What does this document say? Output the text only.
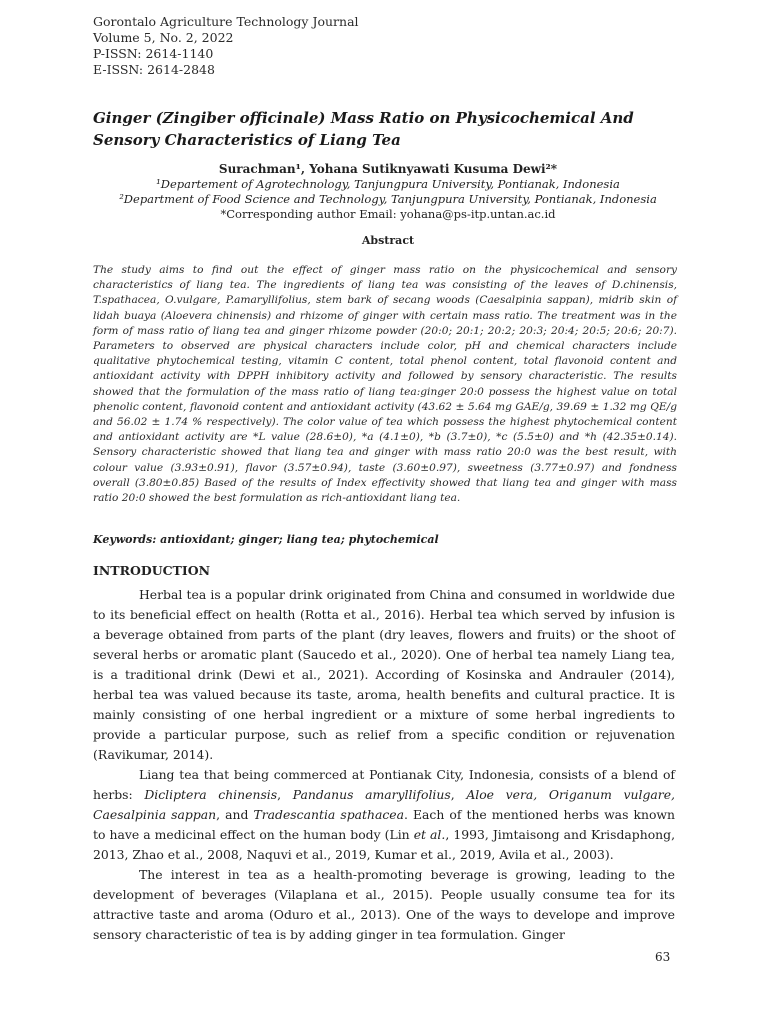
Gorontalo Agriculture Technology Journal
Volume 5, No. 2, 2022
P-ISSN: 2614-1140
E-ISSN: 2614-2848
Ginger (Zingiber officinale) Mass Ratio on Physicochemical And Sensory Characteristics of Liang Tea
Surachman¹, Yohana Sutiknyawati Kusuma Dewi²*
¹Departement of Agrotechnology, Tanjungpura University, Pontianak, Indonesia
²Department of Food Science and Technology, Tanjungpura University, Pontianak, Indonesia
*Corresponding author Email: yohana@ps-itp.untan.ac.id
Abstract
The study aims to find out the effect of ginger mass ratio on the physicochemical and sensory characteristics of liang tea. The ingredients of liang tea was consisting of the leaves of D.chinensis, T.spathacea, O.vulgare, P.amaryllifolius, stem bark of secang woods (Caesalpinia sappan), midrib skin of lidah buaya (Aloevera chinensis) and rhizome of ginger with certain mass ratio. The treatment was in the form of mass ratio of liang tea and ginger rhizome powder (20:0; 20:1; 20:2; 20:3; 20:4; 20:5; 20:6; 20:7). Parameters to observed are physical characters include color, pH and chemical characters include qualitative phytochemical testing, vitamin C content, total phenol content, total flavonoid content and antioxidant activity with DPPH inhibitory activity and followed by sensory characteristic. The results showed that the formulation of the mass ratio of liang tea:ginger 20:0 possess the highest value on total phenolic content, flavonoid content and antioxidant activity (43.62 ± 5.64 mg GAE/g, 39.69 ± 1.32 mg QE/g and 56.02 ± 1.74 % respectively). The color value of tea which possess the highest phytochemical content and antioxidant activity are *L value (28.6±0), *a (4.1±0), *b (3.7±0), *c (5.5±0) and *h (42.35±0.14). Sensory characteristic showed that liang tea and ginger with mass ratio 20:0 was the best result, with colour value (3.93±0.91), flavor (3.57±0.94), taste (3.60±0.97), sweetness (3.77±0.97) and fondness overall (3.80±0.85) Based of the results of Index effectivity showed that liang tea and ginger with mass ratio 20:0 showed the best formulation as rich-antioxidant liang tea.
Keywords: antioxidant; ginger; liang tea; phytochemical
INTRODUCTION

Herbal tea is a popular drink originated from China and consumed in worldwide due to its beneficial effect on health (Rotta et al., 2016). Herbal tea which served by infusion is a beverage obtained from parts of the plant (dry leaves, flowers and fruits) or the shoot of several herbs or aromatic plant (Saucedo et al., 2020). One of herbal tea namely Liang tea, is a traditional drink (Dewi et al., 2021). According of Kosinska and Andrauler (2014), herbal tea was valued because its taste, aroma, health benefits and cultural practice. It is mainly consisting of one herbal ingredient or a mixture of some herbal ingredients to provide a particular purpose, such as relief from a specific condition or rejuvenation (Ravikumar, 2014).

Liang tea that being commerced at Pontianak City, Indonesia, consists of a blend of herbs: Dicliptera chinensis, Pandanus amaryllifolius, Aloe vera, Origanum vulgare, Caesalpinia sappan, and Tradescantia spathacea. Each of the mentioned herbs was known to have a medicinal effect on the human body (Lin et al., 1993, Jimtaisong and Krisdaphong, 2013, Zhao et al., 2008, Naquvi et al., 2019, Kumar et al., 2019, Avila et al., 2003).

The interest in tea as a health-promoting beverage is growing, leading to the development of beverages (Vilaplana et al., 2015). People usually consume tea for its attractive taste and aroma (Oduro et al., 2013). One of the ways to develope and improve sensory characteristic of tea is by adding ginger in tea formulation. Ginger

63
